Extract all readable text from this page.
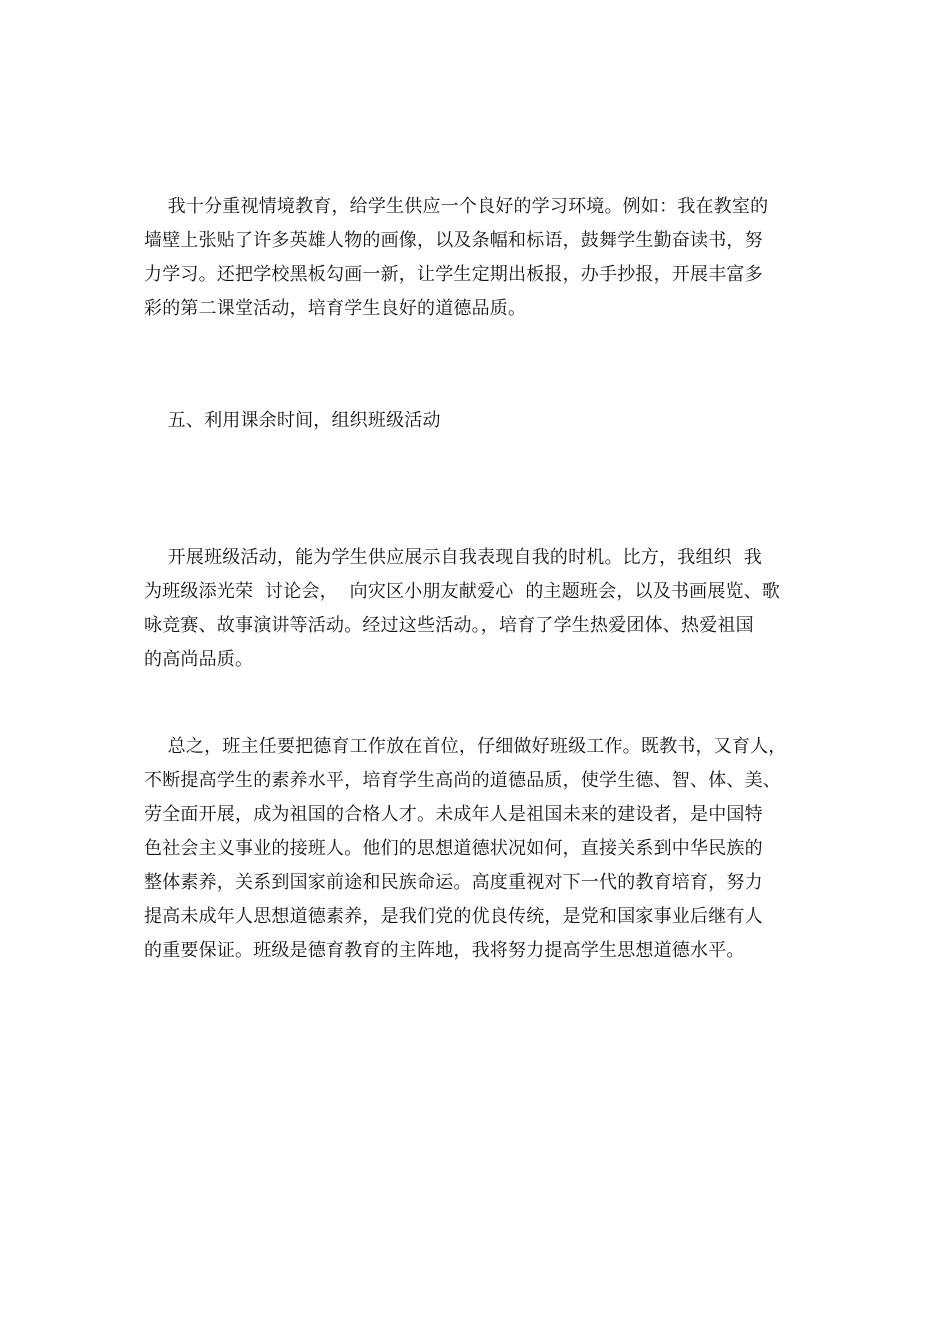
我十分重视情境教育，给学生供应一个良好的学习环境。例如：我在教室的
墙壁上张贴了许多英雄人物的画像，以及条幅和标语，鼓舞学生勤奋读书，努
力学习。还把学校黑板勾画一新，让学生定期出板报，办手抄报，开展丰富多
彩的第二课堂活动，培育学生良好的道德品质。
五、利用课余时间，组织班级活动
开展班级活动，能为学生供应展示自我表现自我的时机。比方，我组织  我
为班级添光荣  讨论会，  向灾区小朋友献爱心  的主题班会，以及书画展览、歌
咏竞赛、故事演讲等活动。经过这些活动。，培育了学生热爱团体、热爱祖国
的高尚品质。
总之，班主任要把德育工作放在首位，仔细做好班级工作。既教书，又育人，
不断提高学生的素养水平，培育学生高尚的道德品质，使学生德、智、体、美、
劳全面开展，成为祖国的合格人才。未成年人是祖国未来的建设者，是中国特
色社会主义事业的接班人。他们的思想道德状况如何，直接关系到中华民族的
整体素养，关系到国家前途和民族命运。高度重视对下一代的教育培育，努力
提高未成年人思想道德素养，是我们党的优良传统，是党和国家事业后继有人
的重要保证。班级是德育教育的主阵地，我将努力提高学生思想道德水平。
